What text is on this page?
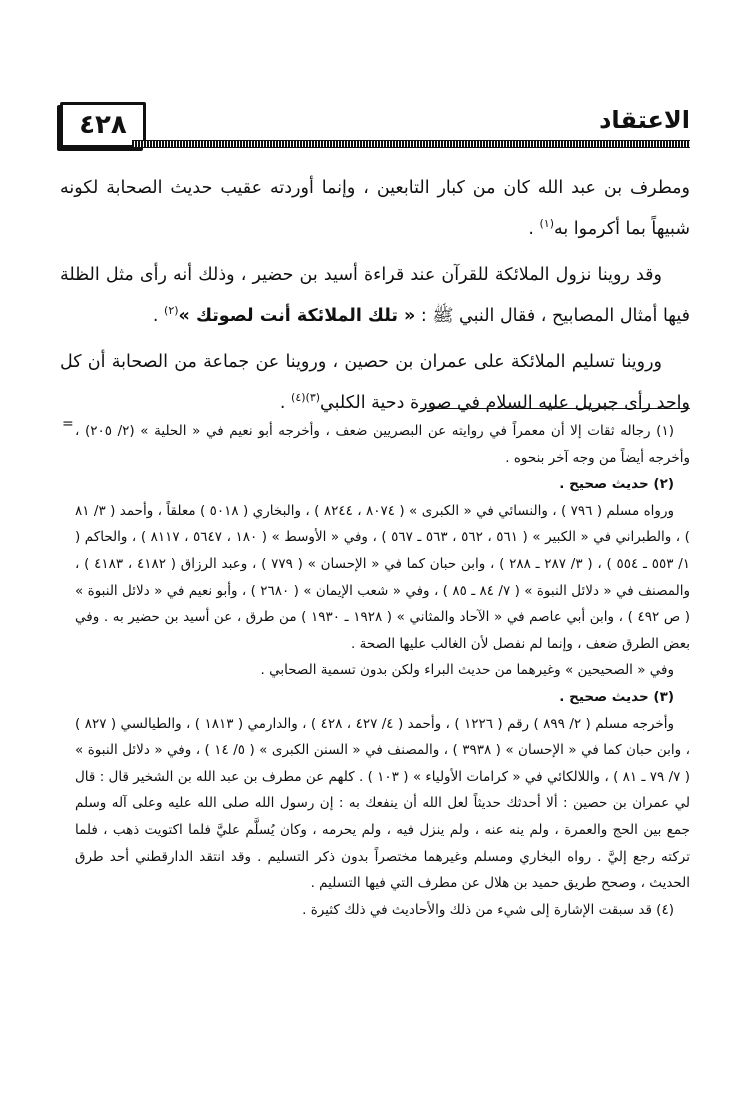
٤٢٨	الاعتقاد

ومطرف بن عبد الله كان من كبار التابعين ، وإنما أوردته عقيب حديث الصحابة لكونه شبيهاً بما أكرموا به$^{(١)}$ .

وقد روينا نزول الملائكة للقرآن عند قراءة أسيد بن حضير ، وذلك أنه رأى مثل الظلة فيها أمثال المصابيح ، فقال النبي ﷺ : « تلك الملائكة أنت لصوتك »$^{(٢)}$ .

وروينا تسليم الملائكة على عمران بن حصين ، وروينا عن جماعة من الصحابة أن كل واحد رأى جبريل عليه السلام في صورة دحية الكلبي$^{(٣)(٤)}$ .

= (١) رجاله ثقات إلا أن معمراً في روايته عن البصريين ضعف ، وأخرجه أبو نعيم في « الحلية » (٢/ ٢٠٥) ، وأخرجه أيضاً من وجه آخر بنحوه .

(٢) حديث صحيح .

ورواه مسلم ( ٧٩٦ ) ، والنسائي في « الكبرى » ( ٨٠٧٤ ، ٨٢٤٤ ) ، والبخاري ( ٥٠١٨ ) معلقاً ، وأحمد ( ٣/ ٨١ ) ، والطبراني في « الكبير » ( ٥٦١ ، ٥٦٢ ، ٥٦٣ ـ ٥٦٧ ) ، وفي « الأوسط » ( ١٨٠ ، ٥٦٤٧ ، ٨١١٧ ) ، والحاكم ( ١/ ٥٥٣ ـ ٥٥٤ ) ، ( ٣/ ٢٨٧ ـ ٢٨٨ ) ، وابن حبان كما في « الإحسان » ( ٧٧٩ ) ، وعبد الرزاق ( ٤١٨٢ ، ٤١٨٣ ) ، والمصنف في « دلائل النبوة » ( ٧/ ٨٤ ـ ٨٥ ) ، وفي « شعب الإيمان » ( ٢٦٨٠ ) ، وأبو نعيم في « دلائل النبوة » ( ص ٤٩٢ ) ، وابن أبي عاصم في « الآحاد والمثاني » ( ١٩٢٨ ـ ١٩٣٠ ) من طرق ، عن أسيد بن حضير به . وفي بعض الطرق ضعف ، وإنما لم نفصل لأن الغالب عليها الصحة .

وفي « الصحيحين » وغيرهما من حديث البراء ولكن بدون تسمية الصحابي .

(٣) حديث صحيح .

وأخرجه مسلم ( ٢/ ٨٩٩ ) رقم ( ١٢٢٦ ) ، وأحمد ( ٤/ ٤٢٧ ، ٤٢٨ ) ، والدارمي ( ١٨١٣ ) ، والطيالسي ( ٨٢٧ ) ، وابن حبان كما في « الإحسان » ( ٣٩٣٨ ) ، والمصنف في « السنن الكبرى » ( ٥/ ١٤ ) ، وفي « دلائل النبوة » ( ٧/ ٧٩ ـ ٨١ ) ، واللالكائي في « كرامات الأولياء » ( ١٠٣ ) . كلهم عن مطرف بن عبد الله بن الشخير قال : قال لي عمران بن حصين : ألا أحدثك حديثاً لعل الله أن ينفعك به : إن رسول الله صلى الله عليه وعلى آله وسلم جمع بين الحج والعمرة ، ولم ينه عنه ، ولم ينزل فيه ، ولم يحرمه ، وكان يُسلَّم عليَّ فلما اكتويت ذهب ، فلما تركته رجع إليَّ . رواه البخاري ومسلم وغيرهما مختصراً بدون ذكر التسليم . وقد انتقد الدارقطني أحد طرق الحديث ، وصحح طريق حميد بن هلال عن مطرف التي فيها التسليم .

(٤) قد سبقت الإشارة إلى شيء من ذلك والأحاديث في ذلك كثيرة .
